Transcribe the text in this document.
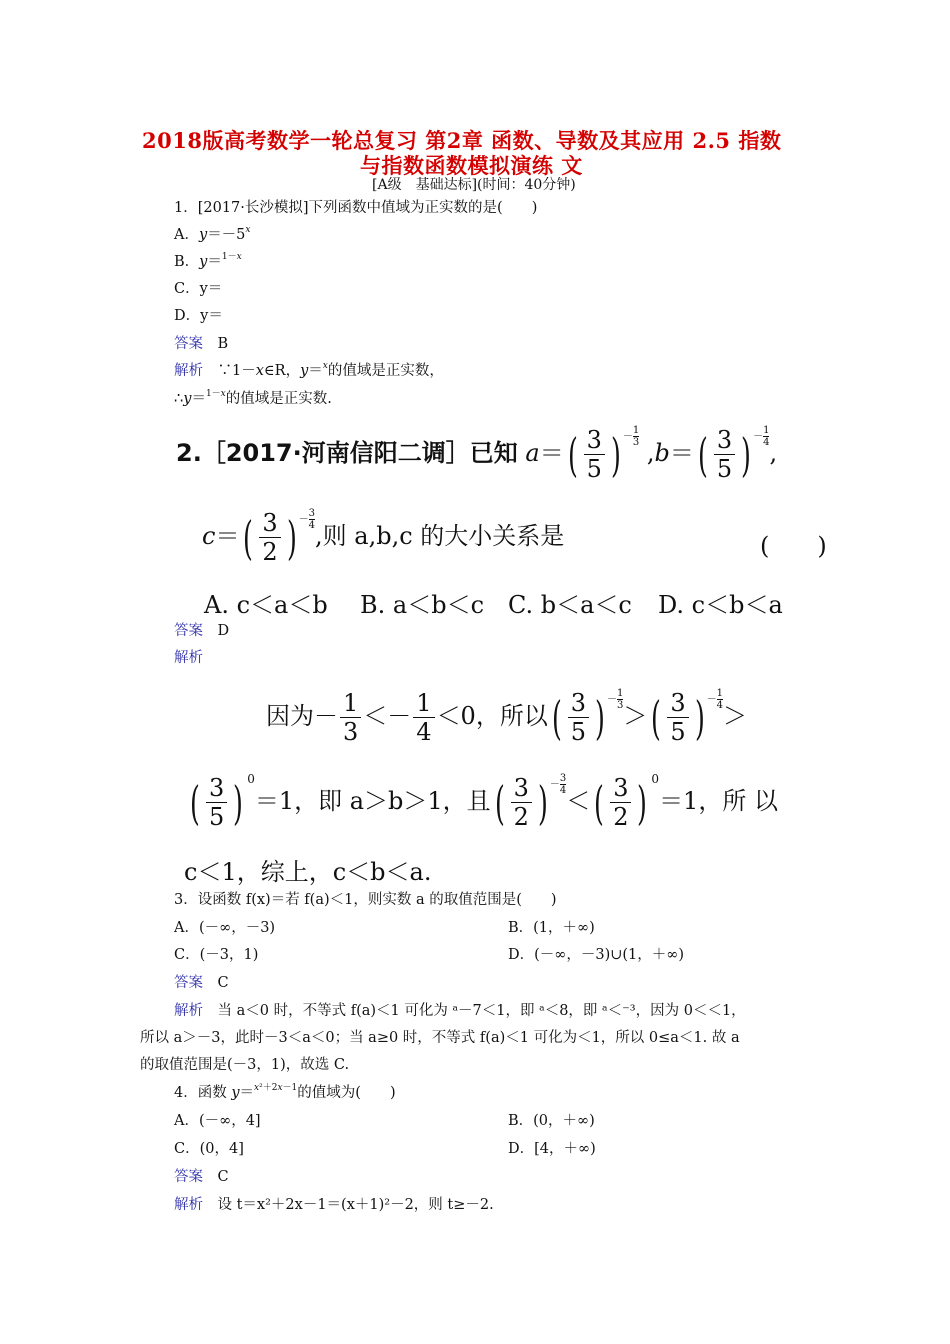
2018版高考数学一轮总复习 第2章 函数、导数及其应用 2.5 指数
与指数函数模拟演练 文
[A级　基础达标](时间：40分钟)
1．[2017·长沙模拟]下列函数中值域为正实数的是(　　)
A．$y=-5^x$
B．y＝$^{1-x}$
C．y＝
D．y＝
答案　 B
解析　 ∵1－x∈R，y＝$^x$的值域是正实数，
∴y＝$^{1-x}$的值域是正实数.
2.［2017·河南信阳二调］已知 $a=( \frac{3}{5}$ ) － $\frac{1}{3}$
$,b=( \frac{3}{5}$ ) － $\frac{1}{4}$
,
$c=( \frac{3}{2}$ ) － $\frac{3}{4}$
,则 a,b,c 的大小关系是	(　　)
A. c＜a＜b B. a＜b＜c C. b＜a＜c D. c＜b＜a
答案　 D
解析
因为－ $\frac{1}{3} <- \frac{1}{4} <0$，所以( $\frac{3}{5}$ ) － $\frac{1}{3}$
＞( $\frac{3}{5}$ ) － $\frac{1}{4}$
＞
( $\frac{3}{5}$ ) 0＝1，即 a＞b＞1，且( $\frac{3}{2}$ ) － $\frac{3}{4}$
＜( $\frac{3}{2}$ ) 0＝1，所 以
c＜1，综上，c＜b＜a.
3．设函数 f(x)＝若 f(a)＜1，则实数 a 的取值范围是(　　)
A．(－∞，－3)	B．(1，＋∞)
C．(－3，1)	D．(－∞，－3)∪(1，＋∞)
答案　 C
解析　 当 a＜0 时，不等式 f(a)＜1 可化为 ᵃ－7＜1，即 ᵃ＜8，即 ᵃ＜⁻³，因为 0＜＜1，
所以 a＞－3，此时－3＜a＜0；当 a≥0 时，不等式 f(a)＜1 可化为＜1，所以 0≤a＜1. 故 a
的取值范围是(－3，1)，故选 C.
4．函数 y＝$^{x^2+2x-1}$的值域为(　　)
A．(－∞，4]	B．(0，＋∞)
C．(0，4]	D．[4，＋∞)
答案　 C
解析　 设 t＝x²＋2x－1＝(x＋1)²－2，则 t≥－2.
